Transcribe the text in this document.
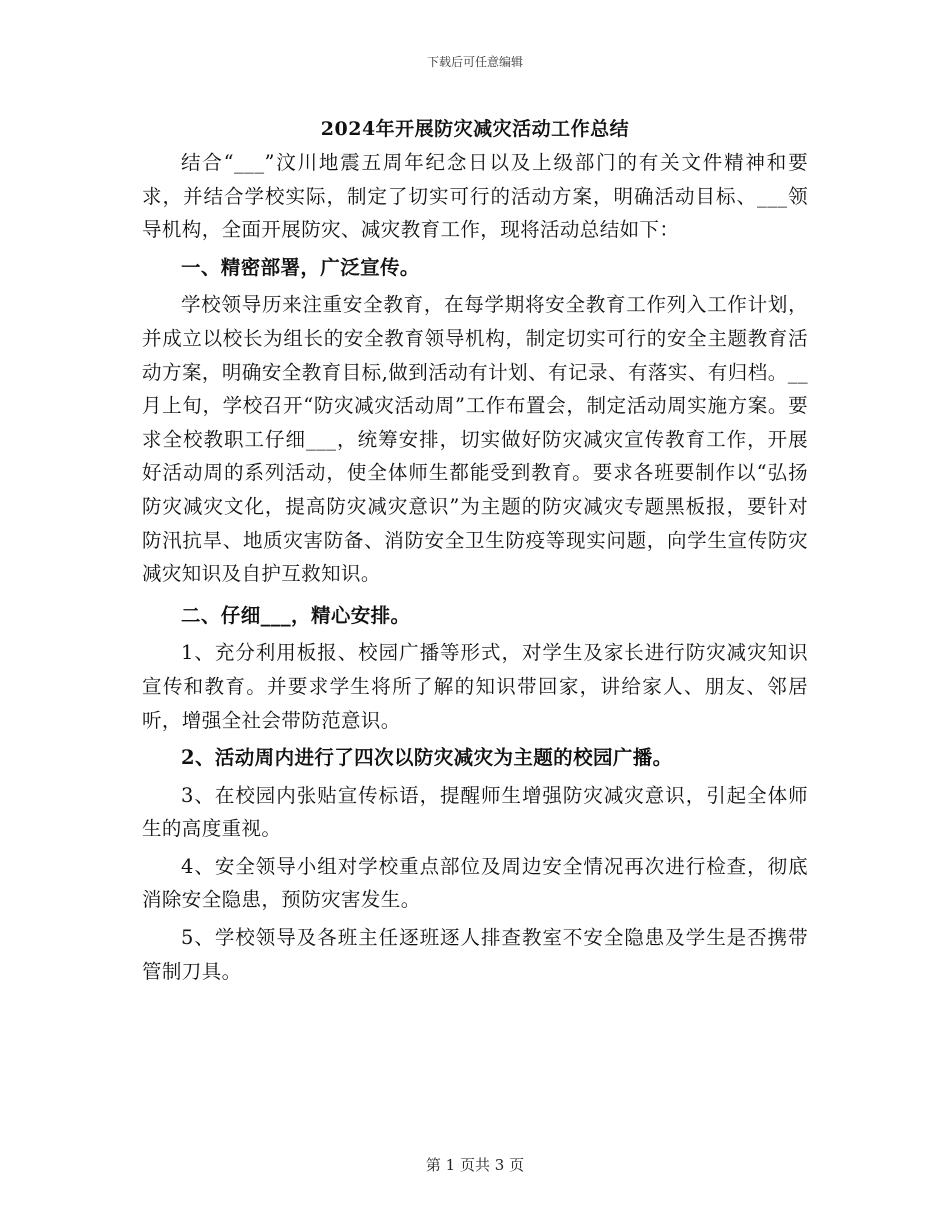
下载后可任意编辑
2024年开展防灾减灾活动工作总结

结合“___”汶川地震五周年纪念日以及上级部门的有关文件精神和要求，并结合学校实际，制定了切实可行的活动方案，明确活动目标、___领导机构，全面开展防灾、减灾教育工作，现将活动总结如下：

一、精密部署，广泛宣传。

学校领导历来注重安全教育，在每学期将安全教育工作列入工作计划，并成立以校长为组长的安全教育领导机构，制定切实可行的安全主题教育活动方案，明确安全教育目标,做到活动有计划、有记录、有落实、有归档。__月上旬，学校召开“防灾减灾活动周”工作布置会，制定活动周实施方案。要求全校教职工仔细___，统筹安排，切实做好防灾减灾宣传教育工作，开展好活动周的系列活动，使全体师生都能受到教育。要求各班要制作以“弘扬防灾减灾文化，提高防灾减灾意识”为主题的防灾减灾专题黑板报，要针对防汛抗旱、地质灾害防备、消防安全卫生防疫等现实问题，向学生宣传防灾减灾知识及自护互救知识。

二、仔细___，精心安排。

1、充分利用板报、校园广播等形式，对学生及家长进行防灾减灾知识宣传和教育。并要求学生将所了解的知识带回家，讲给家人、朋友、邻居听，增强全社会带防范意识。

2、活动周内进行了四次以防灾减灾为主题的校园广播。

3、在校园内张贴宣传标语，提醒师生增强防灾减灾意识，引起全体师生的高度重视。

4、安全领导小组对学校重点部位及周边安全情况再次进行检查，彻底消除安全隐患，预防灾害发生。

5、学校领导及各班主任逐班逐人排查教室不安全隐患及学生是否携带管制刀具。

第 1 页共 3 页
